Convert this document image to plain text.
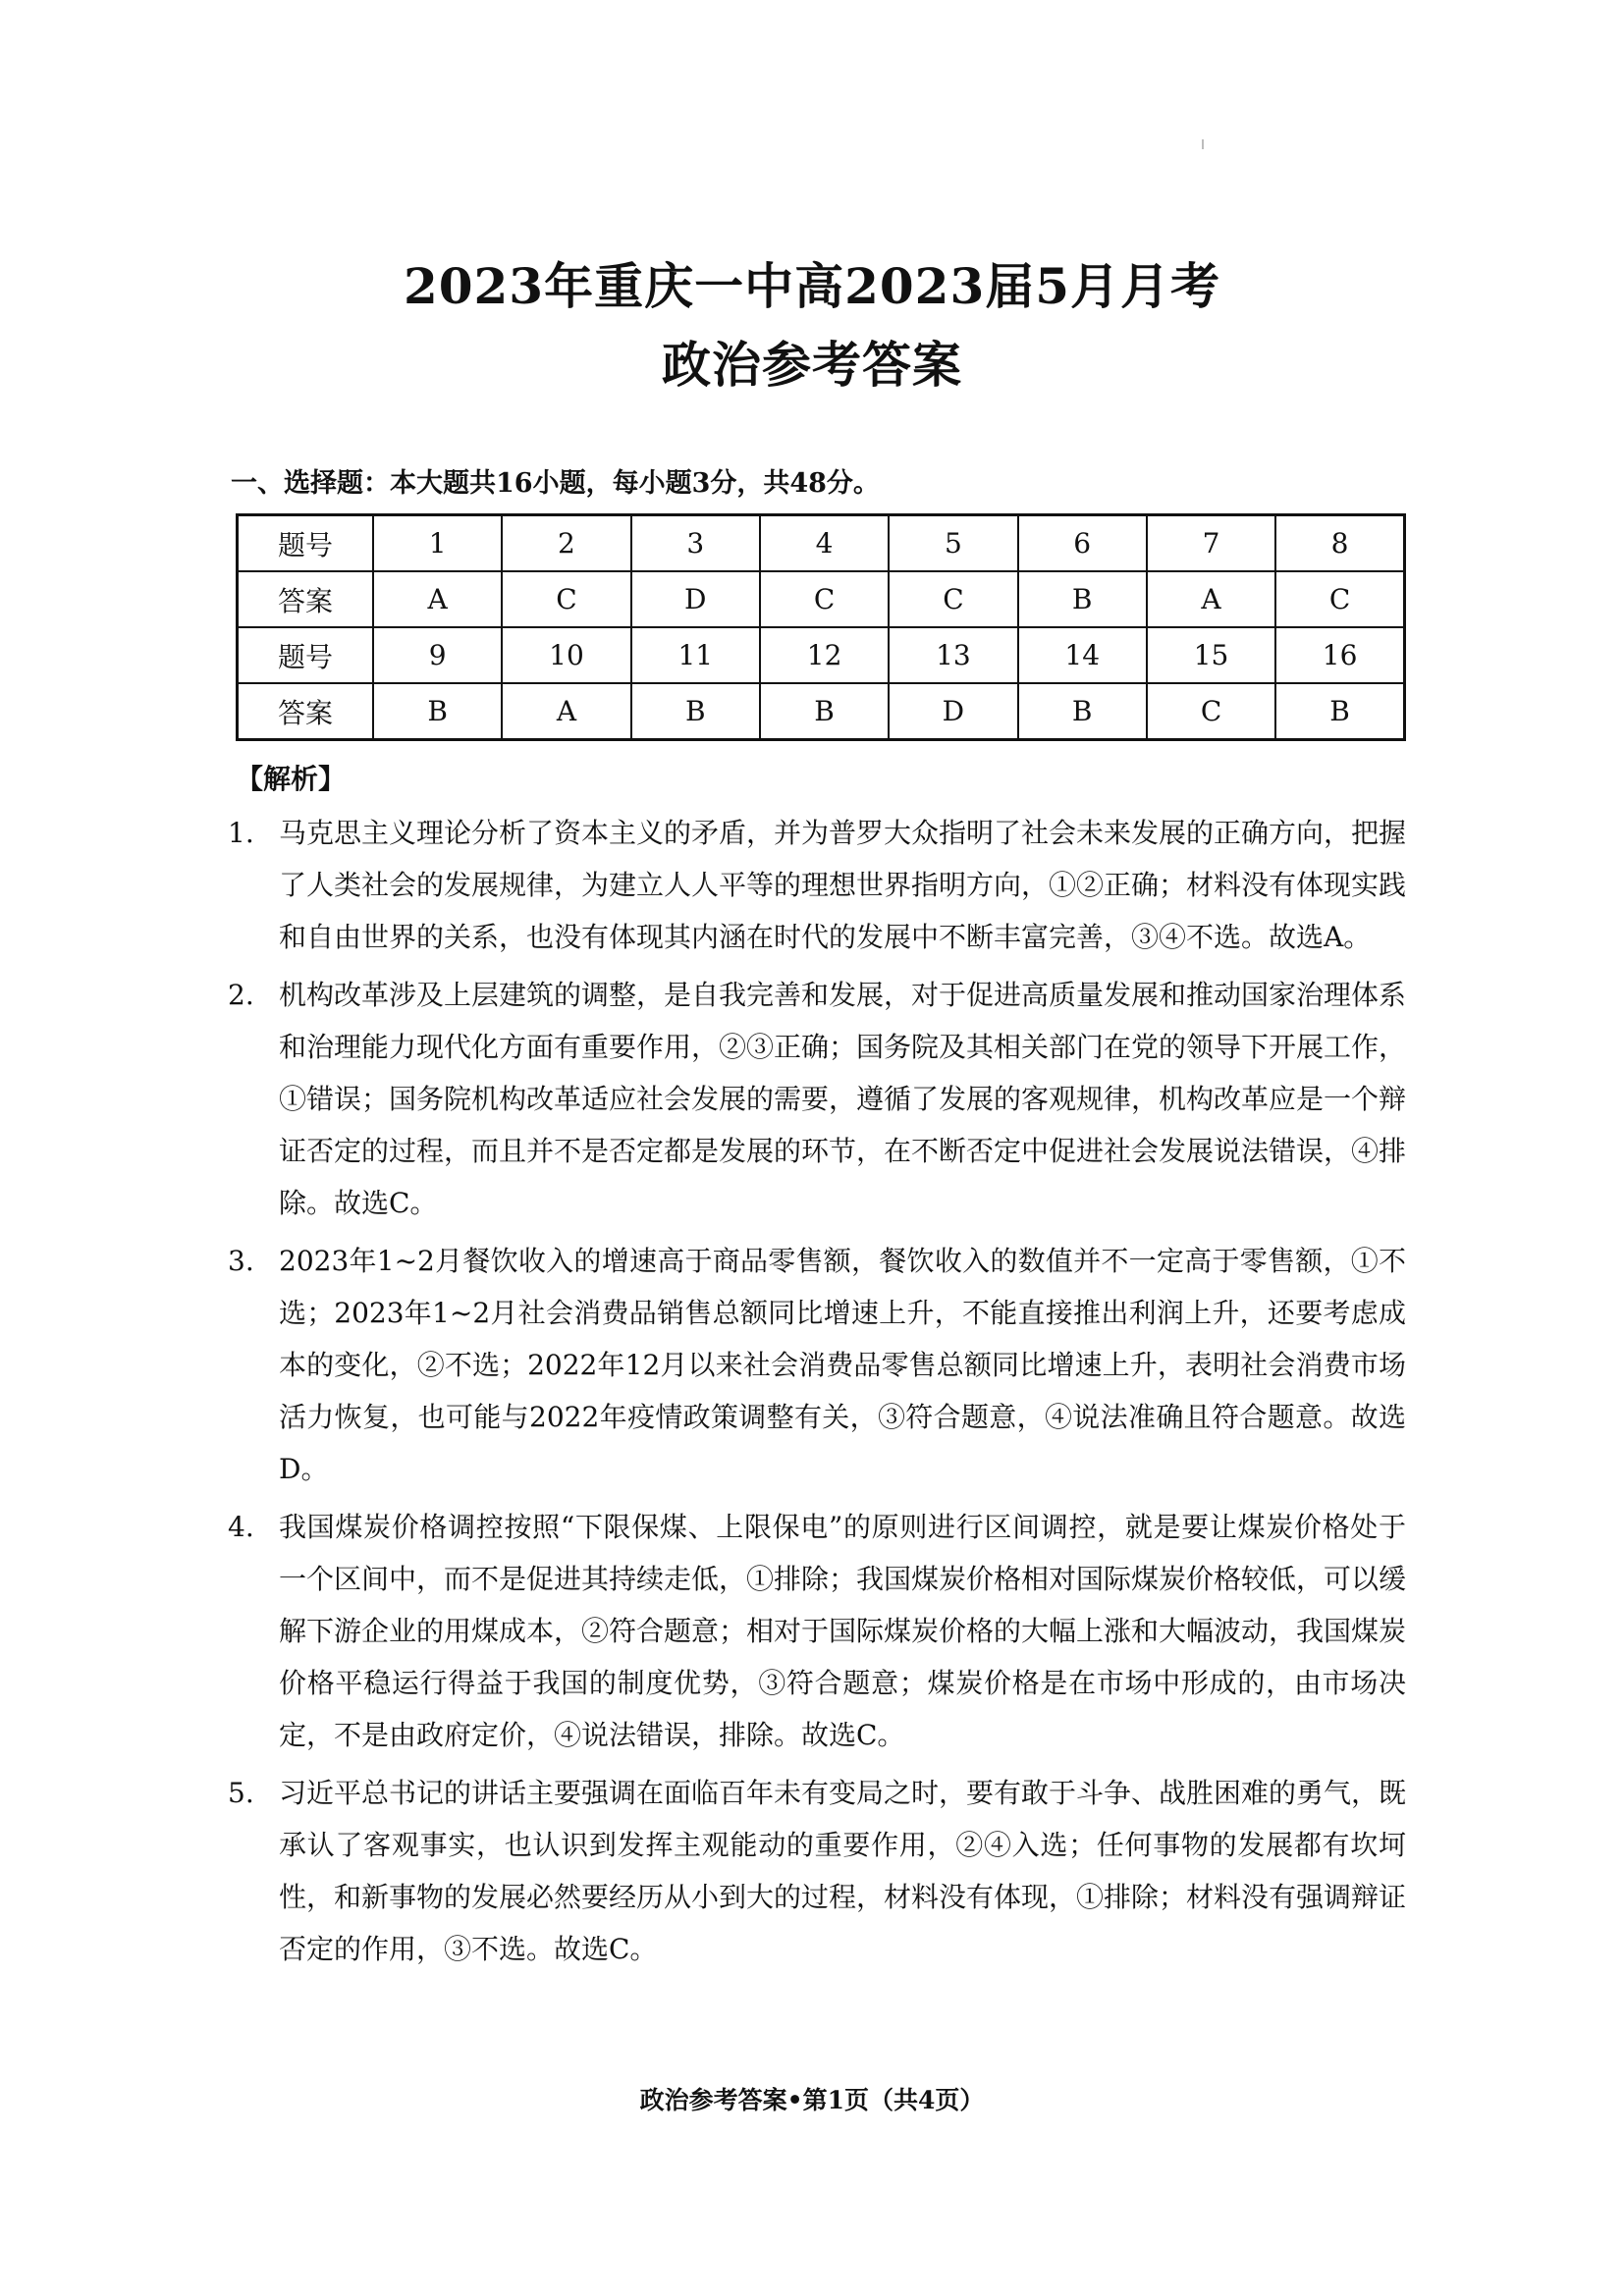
2023年重庆一中高2023届5月月考
政治参考答案
一、选择题：本大题共16小题，每小题3分，共48分。
题号	1	2	3	4	5	6	7	8
答案	A	C	D	C	C	B	A	C
题号	9	10	11	12	13	14	15	16
答案	B	A	B	B	D	B	C	B
【解析】
1. 马克思主义理论分析了资本主义的矛盾，并为普罗大众指明了社会未来发展的正确方向，把握了人类社会的发展规律，为建立人人平等的理想世界指明方向，①②正确；材料没有体现实践和自由世界的关系，也没有体现其内涵在时代的发展中不断丰富完善，③④不选。故选A。
2. 机构改革涉及上层建筑的调整，是自我完善和发展，对于促进高质量发展和推动国家治理体系和治理能力现代化方面有重要作用，②③正确；国务院及其相关部门在党的领导下开展工作，①错误；国务院机构改革适应社会发展的需要，遵循了发展的客观规律，机构改革应是一个辩证否定的过程，而且并不是否定都是发展的环节，在不断否定中促进社会发展说法错误，④排除。故选C。
3. 2023年1~2月餐饮收入的增速高于商品零售额，餐饮收入的数值并不一定高于零售额，①不选；2023年1~2月社会消费品销售总额同比增速上升，不能直接推出利润上升，还要考虑成本的变化，②不选；2022年12月以来社会消费品零售总额同比增速上升，表明社会消费市场活力恢复，也可能与2022年疫情政策调整有关，③符合题意，④说法准确且符合题意。故选D。
4. 我国煤炭价格调控按照“下限保煤、上限保电”的原则进行区间调控，就是要让煤炭价格处于一个区间中，而不是促进其持续走低，①排除；我国煤炭价格相对国际煤炭价格较低，可以缓解下游企业的用煤成本，②符合题意；相对于国际煤炭价格的大幅上涨和大幅波动，我国煤炭价格平稳运行得益于我国的制度优势，③符合题意；煤炭价格是在市场中形成的，由市场决定，不是由政府定价，④说法错误，排除。故选C。
5. 习近平总书记的讲话主要强调在面临百年未有变局之时，要有敢于斗争、战胜困难的勇气，既承认了客观事实，也认识到发挥主观能动的重要作用，②④入选；任何事物的发展都有坎坷性，和新事物的发展必然要经历从小到大的过程，材料没有体现，①排除；材料没有强调辩证否定的作用，③不选。故选C。
政治参考答案•第1页（共4页）
